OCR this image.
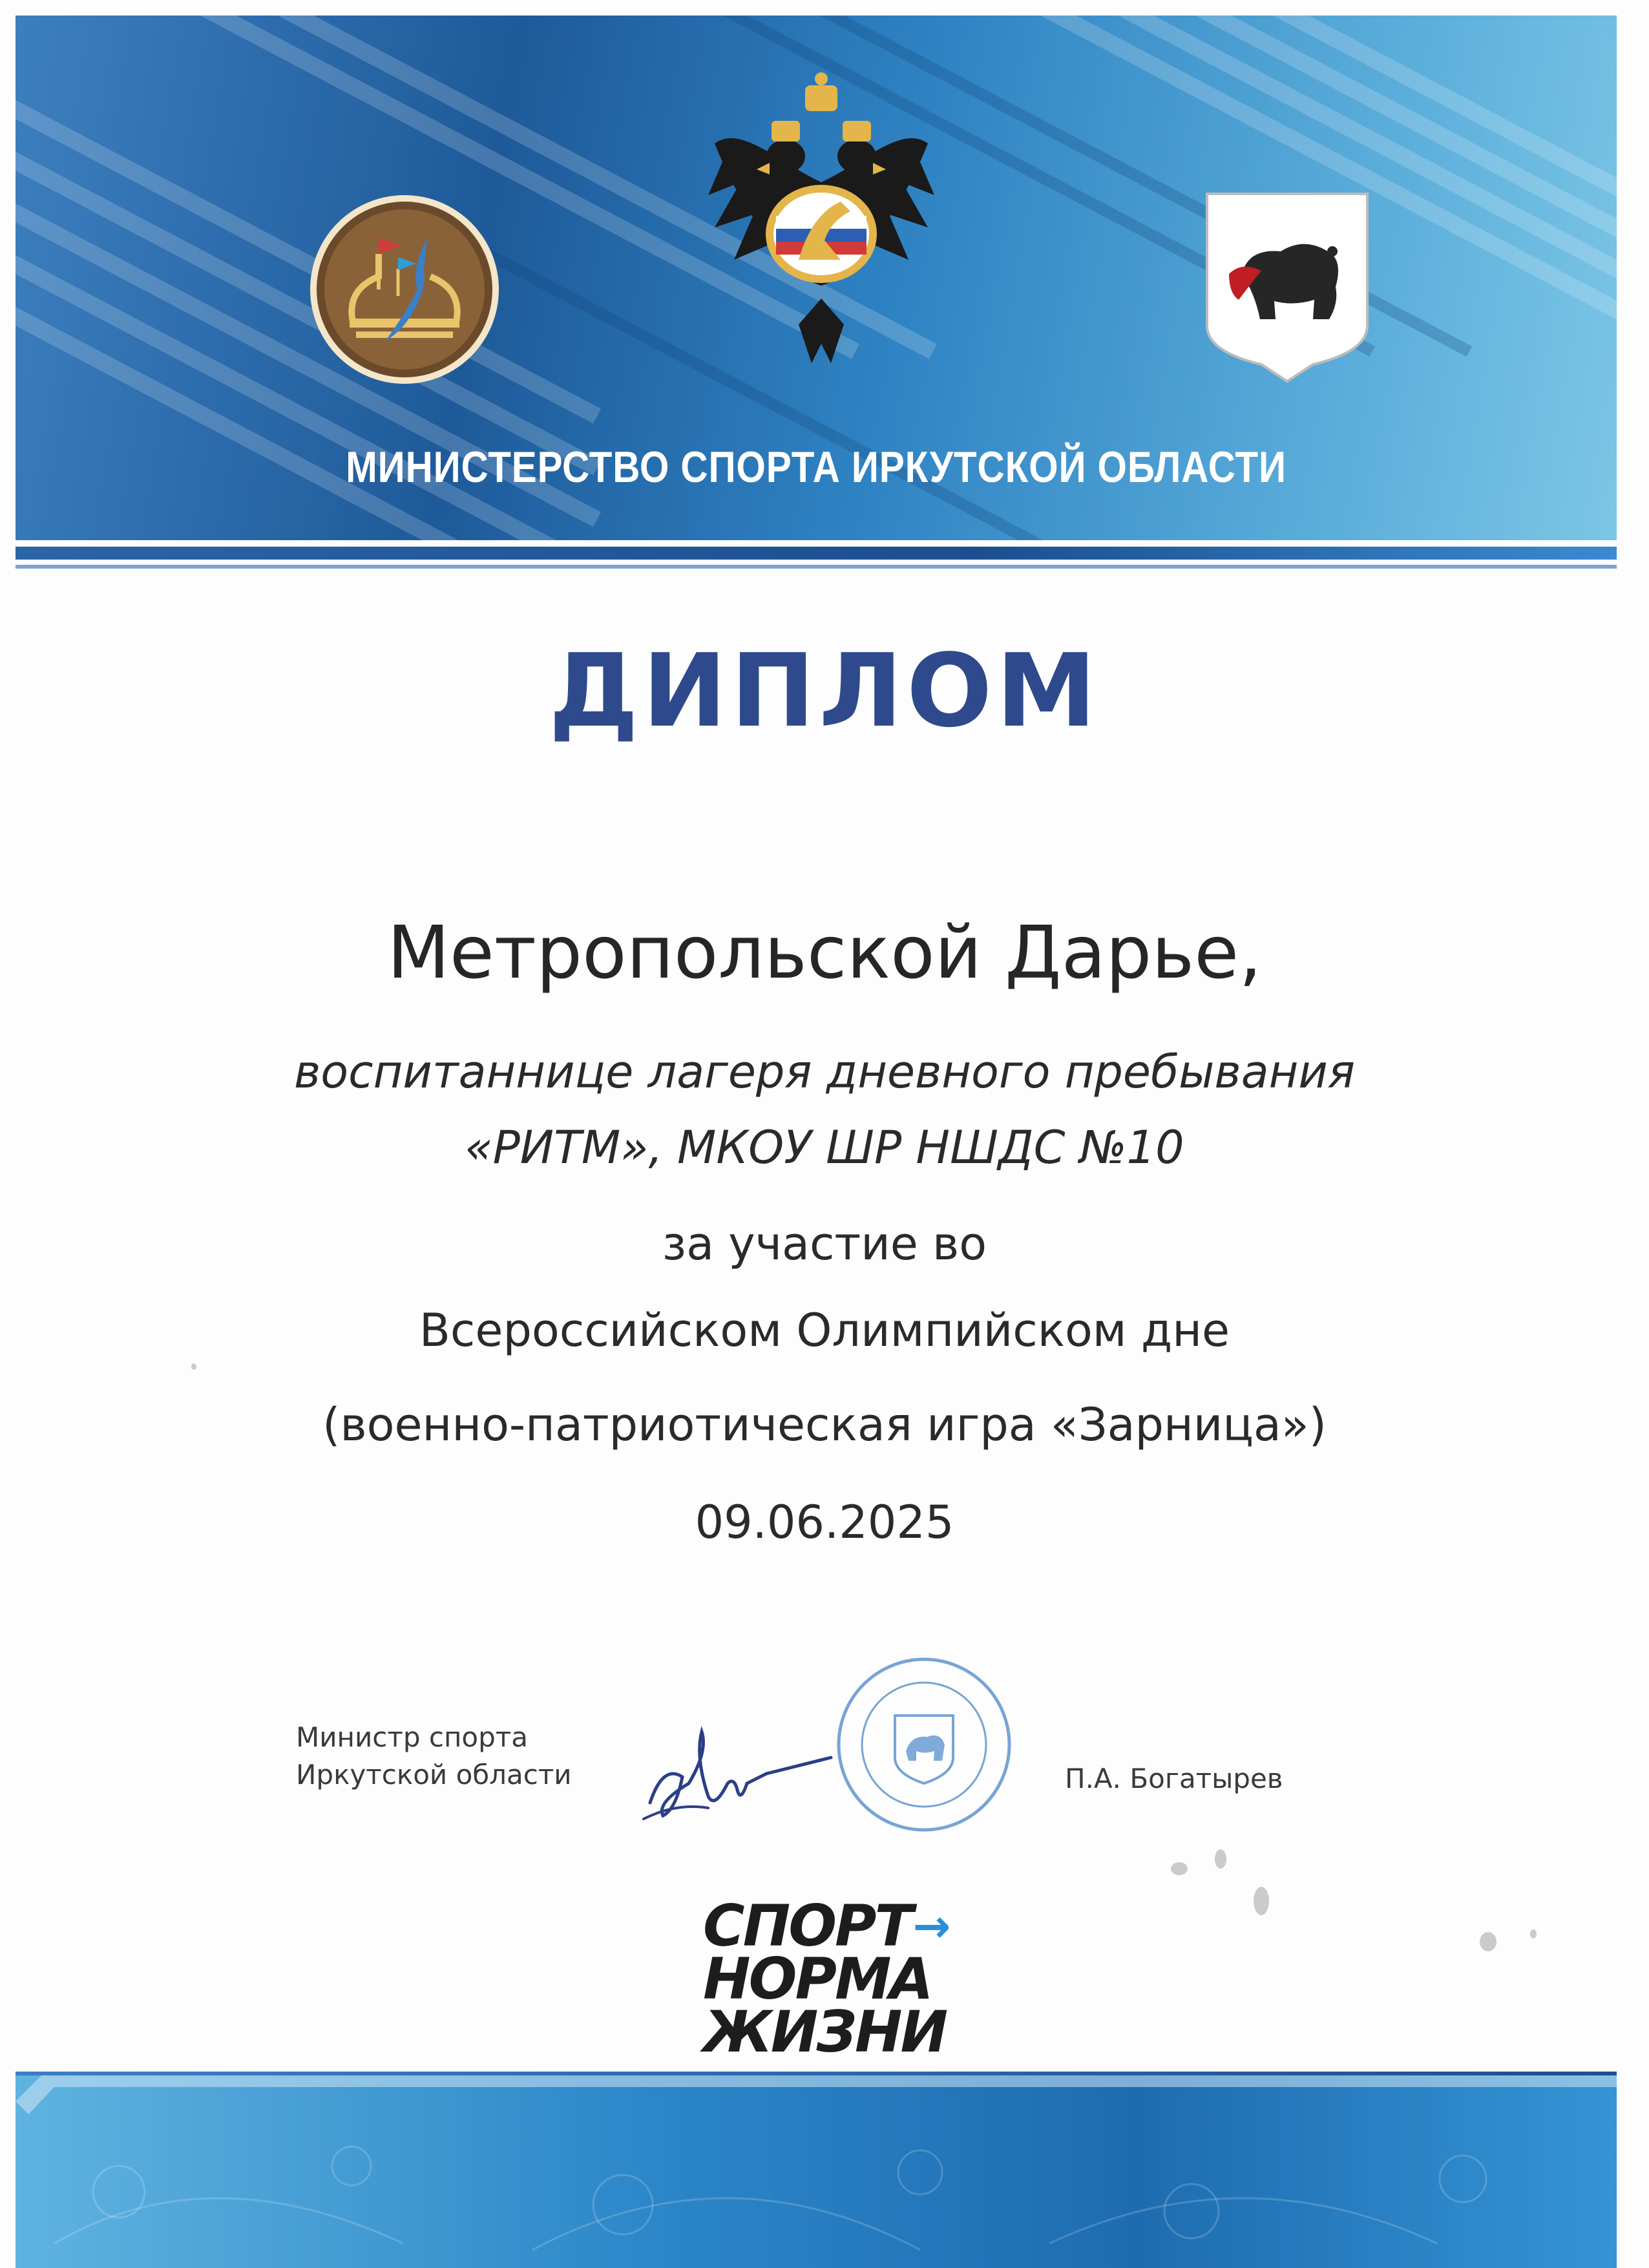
МИНИСТЕРСТВО СПОРТА ИРКУТСКОЙ ОБЛАСТИ
ДИПЛОМ
Метропольской Дарье,
воспитаннице лагеря дневного пребывания
«РИТМ», МКОУ ШР НШДС №10
за участие во
Всероссийском Олимпийском дне
(военно-патриотическая игра «Зарница»)
09.06.2025
Министр спорта
Иркутской области	П.А. Богатырев
СПОРТ→
НОРМА
ЖИЗНИ
